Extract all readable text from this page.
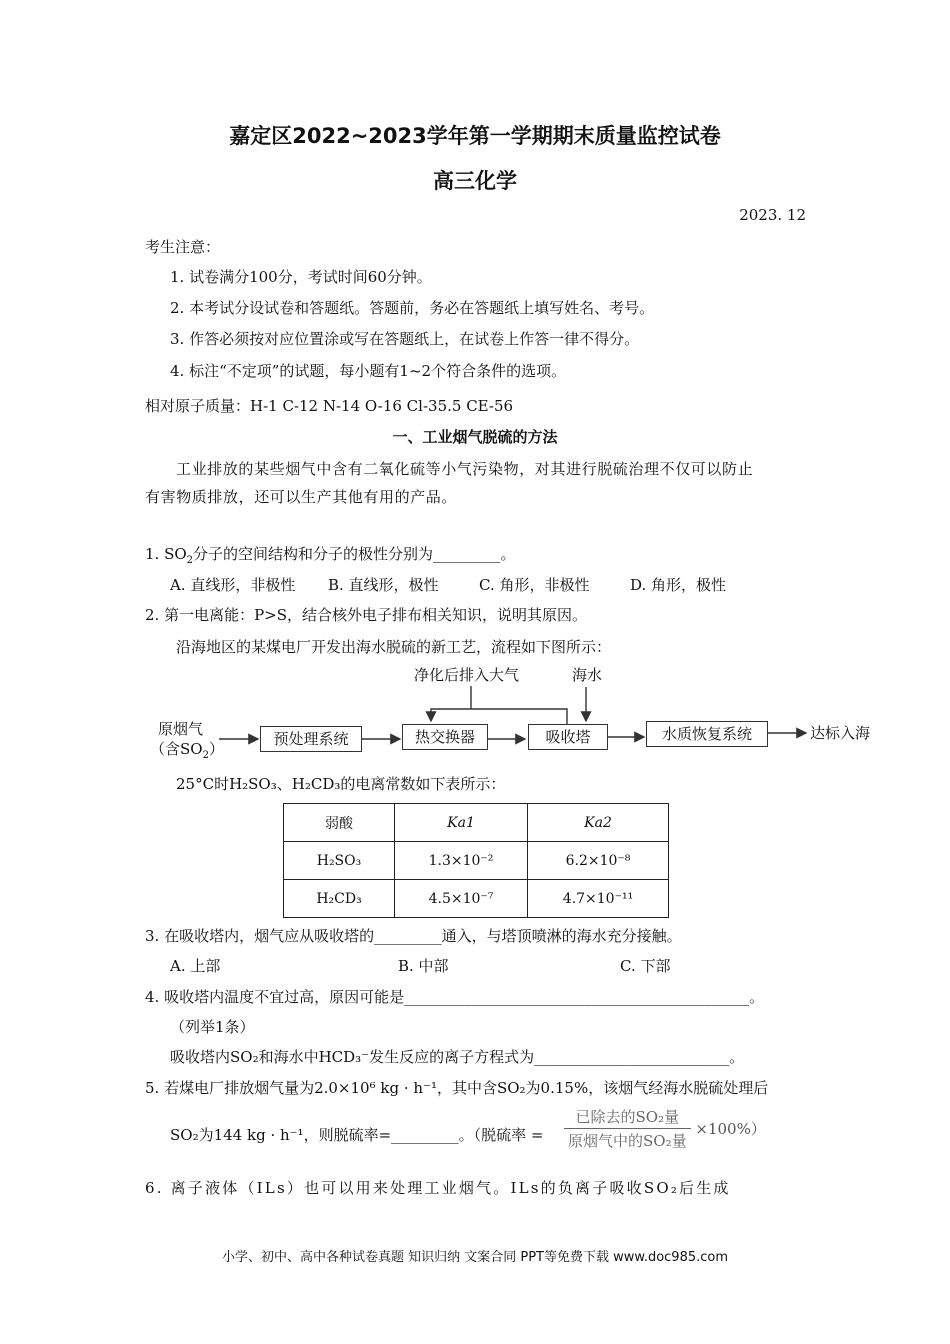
嘉定区2022~2023学年第一学期期末质量监控试卷
高三化学
2023. 12
考生注意：
1. 试卷满分100分，考试时间60分钟。
2. 本考试分设试卷和答题纸。答题前，务必在答题纸上填写姓名、考号。
3. 作答必须按对应位置涂或写在答题纸上，在试卷上作答一律不得分。
4. 标注“不定项”的试题，每小题有1~2个符合条件的选项。
相对原子质量：H-1 C-12 N-14 O-16 Cl-35.5 CE-56
一、工业烟气脱硫的方法
工业排放的某些烟气中含有二氧化硫等小气污染物，对其进行脱硫治理不仅可以防止
有害物质排放，还可以生产其他有用的产品。
1. $SO_2$分子的空间结构和分子的极性分别为_________。
A. 直线形，非极性 B. 直线形，极性	C. 角形，非极性	D. 角形，极性
2. 第一电离能：P>S，结合核外电子排布相关知识，说明其原因。
沿海地区的某煤电厂开发出海水脱硫的新工艺，流程如下图所示：
原烟气
（含$SO_2$）
预处理系统	热交换器	吸收塔	水质恢复系统	达标入海
净化后排入大气	海水
25°C时H₂SO₃、H₂CD₃的电离常数如下表所示：
弱酸	Ka1	Ka2
H₂SO₃	1.3×10⁻²	6.2×10⁻⁸
H₂CD₃	4.5×10⁻⁷	4.7×10⁻¹¹
3. 在吸收塔内，烟气应从吸收塔的_________通入，与塔顶喷淋的海水充分接触。
A. 上部	B. 中部	C. 下部
4. 吸收塔内温度不宜过高，原因可能是______________________________________________。
（列举1条）
吸收塔内SO₂和海水中HCD₃⁻发生反应的离子方程式为__________________________。
5. 若煤电厂排放烟气量为2.0×10⁶ kg · h⁻¹，其中含SO₂为0.15%，该烟气经海水脱硫处理后
SO₂为144 kg · h⁻¹，则脱硫率=_________。（脱硫率 = $\frac{\text{已除去的SO₂量}}{\text{原烟气中的SO₂量}} \times 100\%$）
6. 离子液体（ILs）也可以用来处理工业烟气。ILs的负离子吸收SO₂后生成
小学、初中、高中各种试卷真题 知识归纳 文案合同 PPT等免费下载 www.doc985.com
